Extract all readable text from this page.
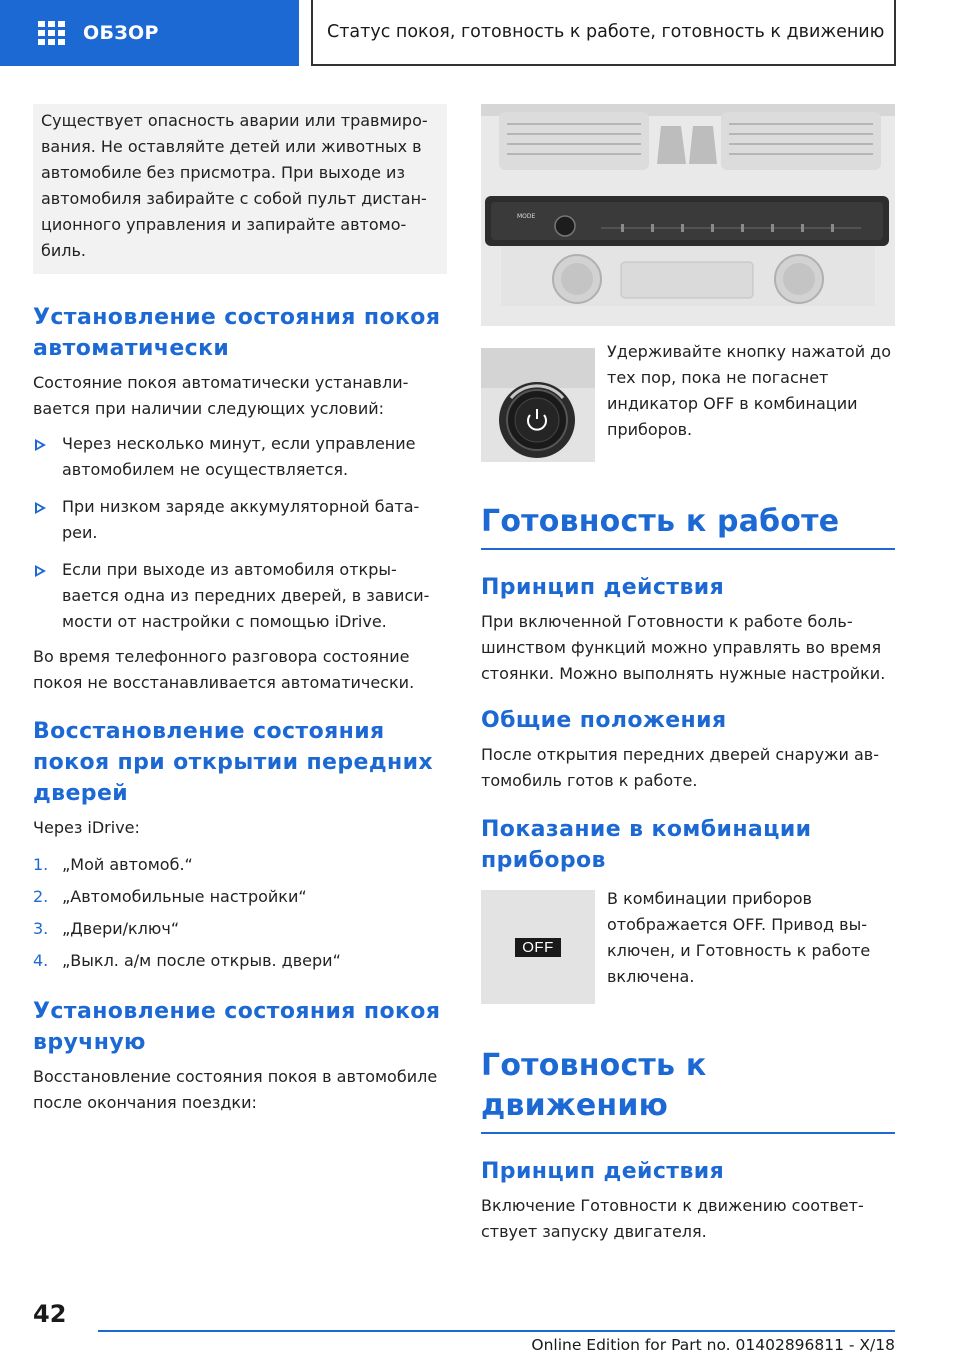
ОБЗОР	Статус покоя, готовность к работе, готовность к движению
Существует опасность аварии или травмирования. Не оставляйте детей или животных в автомобиле без присмотра. При выходе из автомобиля забирайте с собой пульт дистанционного управления и запирайте автомобиль.
Установление состояния покоя автоматически

Состояние покоя автоматически устанавливается при наличии следующих условий:

Через несколько минут, если управление автомобилем не осуществляется.
При низком заряде аккумуляторной батареи.
Если при выходе из автомобиля открывается одна из передних дверей, в зависимости от настройки с помощью iDrive.

Во время телефонного разговора состояние покоя не восстанавливается автоматически.

Восстановление состояния покоя при открытии передних дверей

Через iDrive:

1. „Мой автомоб.“
2. „Автомобильные настройки“
3. „Двери/ключ“
4. „Выкл. а/м после открыв. двери“
Установление состояния покоя вручную

Восстановление состояния покоя в автомобиле после окончания поездки:

MODE

Удерживайте кнопку нажатой до тех пор, пока не погаснет индикатор OFF в комбинации приборов.

Готовность к работе
Принцип действия

При включенной Готовности к работе большинством функций можно управлять во время стоянки. Можно выполнять нужные настройки.

Общие положения

После открытия передних дверей снаружи автомобиль готов к работе.

Показание в комбинации приборов
OFF

В комбинации приборов отображается OFF. Привод выключен, и Готовность к работе включена.

Готовность к движению
Принцип действия

Включение Готовности к движению соответствует запуску двигателя.

42
Online Edition for Part no. 01402896811 - X/18
